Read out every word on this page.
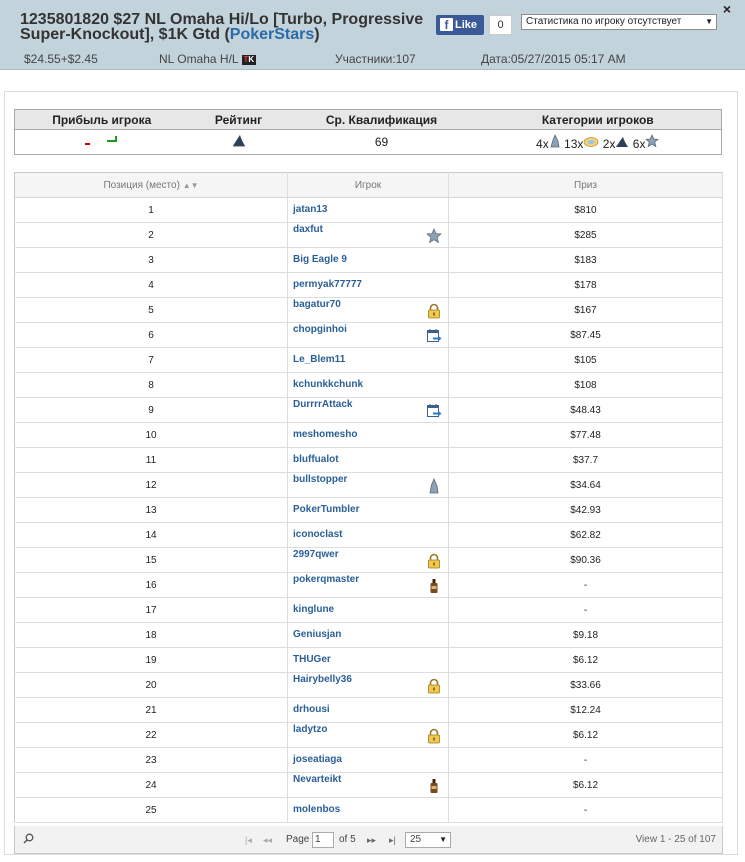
1235801820 $27 NL Omaha Hi/Lo [Turbo, Progressive Super-Knockout], $1K Gtd (PokerStars)
×
f Like	0	Статистика по игроку отсутствует	▼
$24.55+$2.45	NL Omaha H/L TK	Участники:107	Дата:05/27/2015 05:17 AM
Прибыль игрока	Рейтинг	Ср. Квалификация	Категории игроков
		69	4x 13x 2x 6x
Позиция (место) ▲▼	Игрок	Приз
1	jatan13	$810
2	daxfut	$285
3	Big Eagle 9	$183
4	permyak77777	$178
5	bagatur70	$167
6	chopginhoi	$87.45
7	Le_Blem11	$105
8	kchunkkchunk	$108
9	DurrrrAttack	$48.43
10	meshomesho	$77.48
11	bluffualot	$37.7
12	bullstopper	$34.64
13	PokerTumbler	$42.93
14	iconoclast	$62.82
15	2997qwer	$90.36
16	pokerqmaster	-
17	kinglune	-
18	Geniusjan	$9.18
19	THUGer	$6.12
20	Hairybelly36	$33.66
21	drhousi	$12.24
22	ladytzo	$6.12
23	joseatiaga	-
24	Nevarteikt	$6.12
25	molenbos	-
|◂ ◂◂ Page 1	of 5 ▸▸ ▸|	25 ▼	View 1 - 25 of 107
